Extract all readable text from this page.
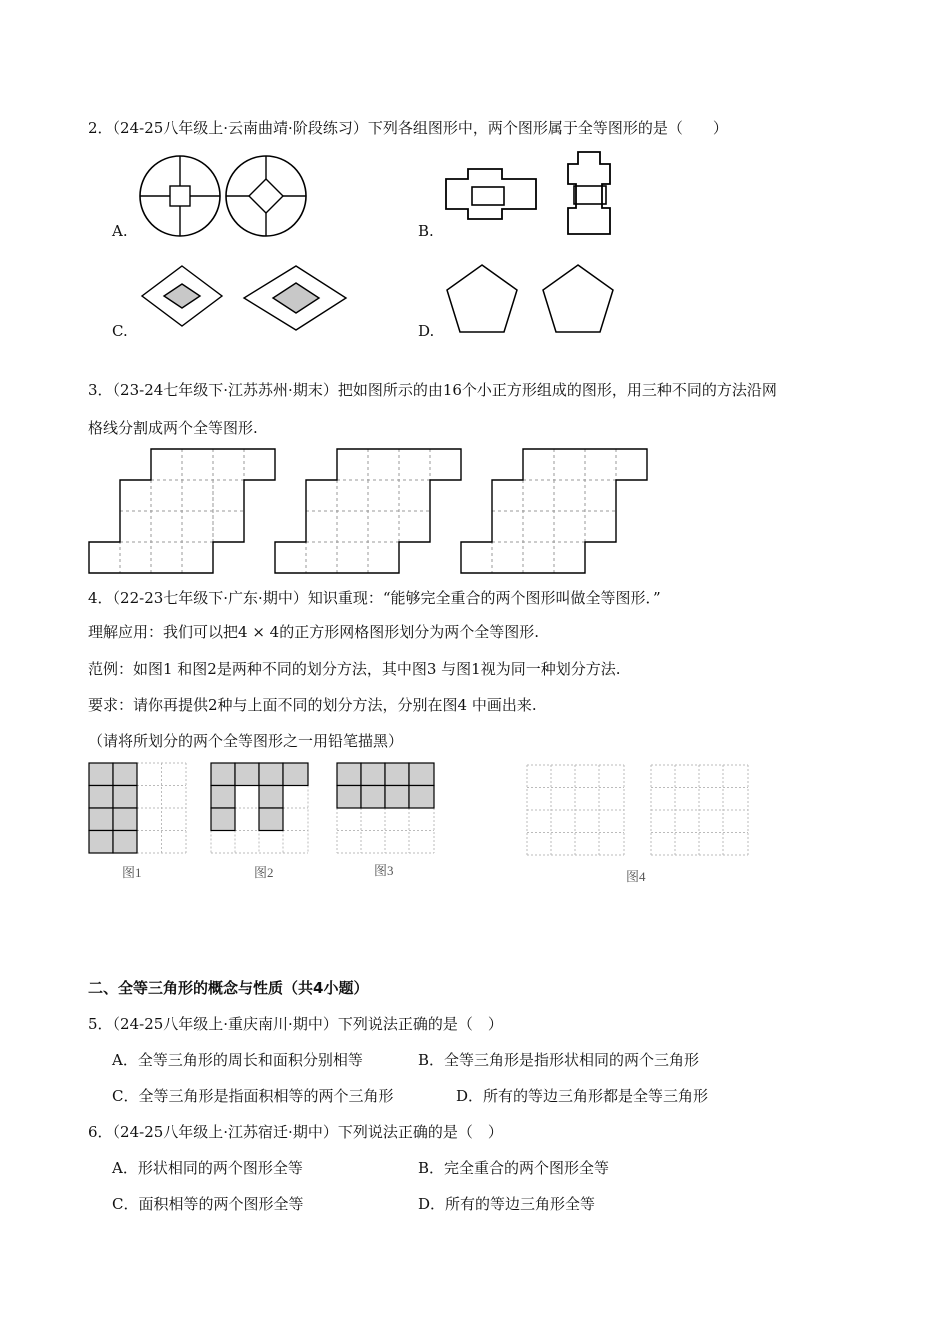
2．（24-25八年级上·云南曲靖·阶段练习）下列各组图形中，两个图形属于全等图形的是（　　）
A.	B.
C.	D.
3．（23-24七年级下·江苏苏州·期末）把如图所示的由16个小正方形组成的图形，用三种不同的方法沿网
格线分割成两个全等图形.
4．（22-23七年级下·广东·期中）知识重现：“能够完全重合的两个图形叫做全等图形．”
理解应用：我们可以把4 × 4的正方形网格图形划分为两个全等图形.
范例：如图1 和图2是两种不同的划分方法，其中图3 与图1视为同一种划分方法.
要求：请你再提供2种与上面不同的划分方法，分别在图4 中画出来.
（请将所划分的两个全等图形之一用铅笔描黑）
图1	图2	图3	图4
二、全等三角形的概念与性质（共4小题）
5．（24-25八年级上·重庆南川·期中）下列说法正确的是（　）
A．全等三角形的周长和面积分别相等	B．全等三角形是指形状相同的两个三角形
C．全等三角形是指面积相等的两个三角形	D．所有的等边三角形都是全等三角形
6．（24-25八年级上·江苏宿迁·期中）下列说法正确的是（　）
A．形状相同的两个图形全等	B．完全重合的两个图形全等
C．面积相等的两个图形全等	D．所有的等边三角形全等
